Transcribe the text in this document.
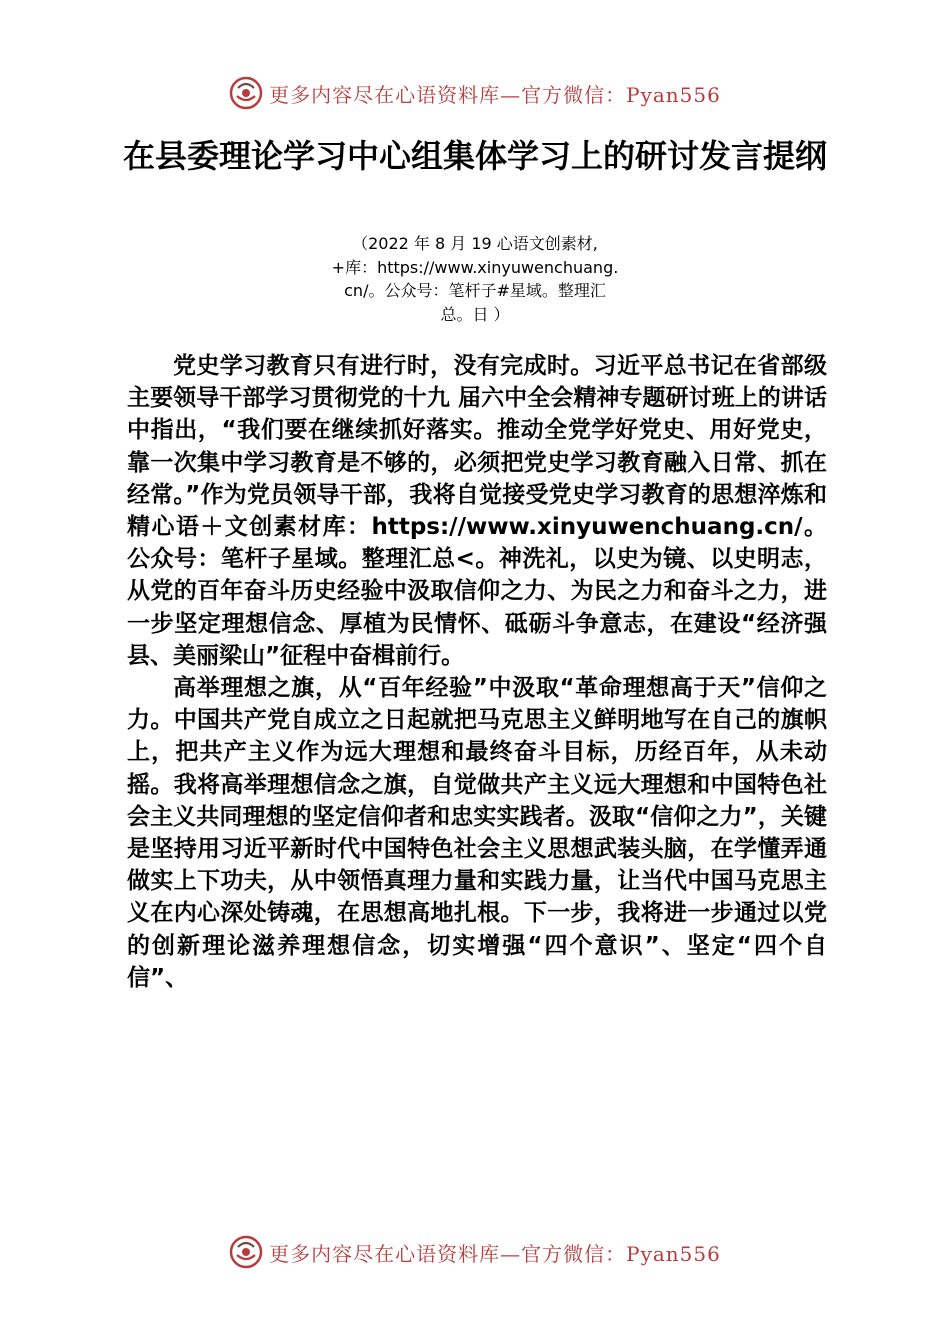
更多内容尽在心语资料库—官方微信：Pyan556
在县委理论学习中心组集体学习上的研讨发言提纲

（2022 年 8 月 19 心语文创素材,+库：https://www.xinyuwenchuang.cn/。公众号：笔杆子#星域。整理汇总。日 ）

党史学习教育只有进行时，没有完成时。习近平总书记在省部级主要领导干部学习贯彻党的十九 届六中全会精神专题研讨班上的讲话中指出，“我们要在继续抓好落实。推动全党学好党史、用好党史，靠一次集中学习教育是不够的，必须把党史学习教育融入日常、抓在经常。”作为党员领导干部，我将自觉接受党史学习教育的思想淬炼和精心语＋文创素材库：https://www.xinyuwenchuang.cn/。公众号：笔杆子星域。整理汇总<。神洗礼，以史为镜、以史明志，从党的百年奋斗历史经验中汲取信仰之力、为民之力和奋斗之力，进一步坚定理想信念、厚植为民情怀、砥砺斗争意志，在建设“经济强县、美丽梁山”征程中奋楫前行。

高举理想之旗，从“百年经验”中汲取“革命理想高于天”信仰之力。中国共产党自成立之日起就把马克思主义鲜明地写在自己的旗帜上，把共产主义作为远大理想和最终奋斗目标，历经百年，从未动摇。我将高举理想信念之旗，自觉做共产主义远大理想和中国特色社会主义共同理想的坚定信仰者和忠实实践者。汲取“信仰之力”，关键是坚持用习近平新时代中国特色社会主义思想武装头脑，在学懂弄通做实上下功夫，从中领悟真理力量和实践力量，让当代中国马克思主义在内心深处铸魂，在思想高地扎根。下一步，我将进一步通过以党的创新理论滋养理想信念，切实增强“四个意识”、坚定“四个自信”、

更多内容尽在心语资料库—官方微信：Pyan556
